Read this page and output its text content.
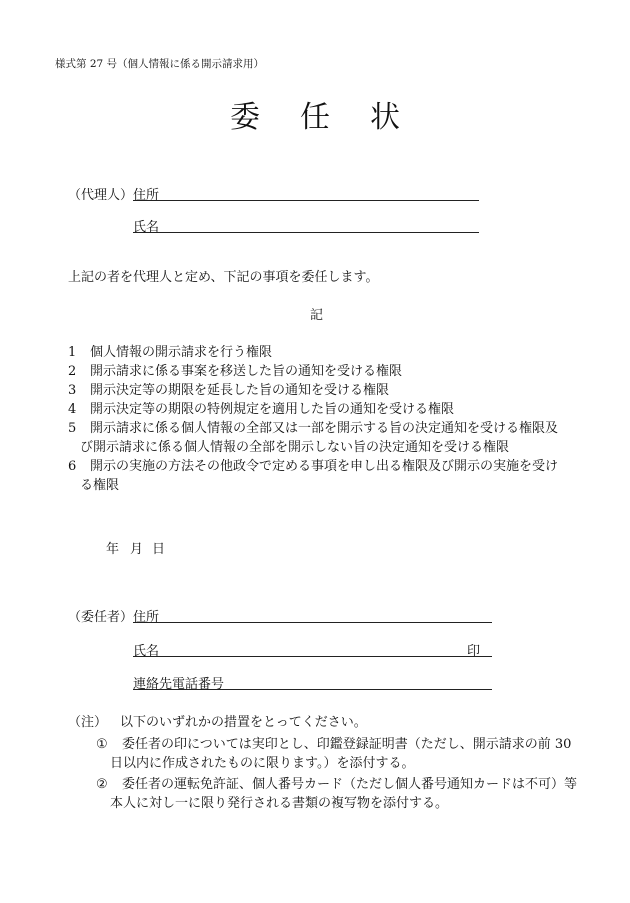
様式第 27 号（個人情報に係る開示請求用）
委 任 状
（代理人） 住所
氏名
上記の者を代理人と定め、下記の事項を委任します。
記
1 個人情報の開示請求を行う権限
2 開示請求に係る事案を移送した旨の通知を受ける権限
3 開示決定等の期限を延長した旨の通知を受ける権限
4 開示決定等の期限の特例規定を適用した旨の通知を受ける権限
5 開示請求に係る個人情報の全部又は一部を開示する旨の決定通知を受ける権限及
び開示請求に係る個人情報の全部を開示しない旨の決定通知を受ける権限
6 開示の実施の方法その他政令で定める事項を申し出る権限及び開示の実施を受け
る権限
年 月 日
（委任者） 住所
氏名	印
連絡先電話番号
（注） 以下のいずれかの措置をとってください。
① 委任者の印については実印とし、印鑑登録証明書（ただし、開示請求の前 30
日以内に作成されたものに限ります。）を添付する。
② 委任者の運転免許証、個人番号カード（ただし個人番号通知カードは不可）等
本人に対し一に限り発行される書類の複写物を添付する。
